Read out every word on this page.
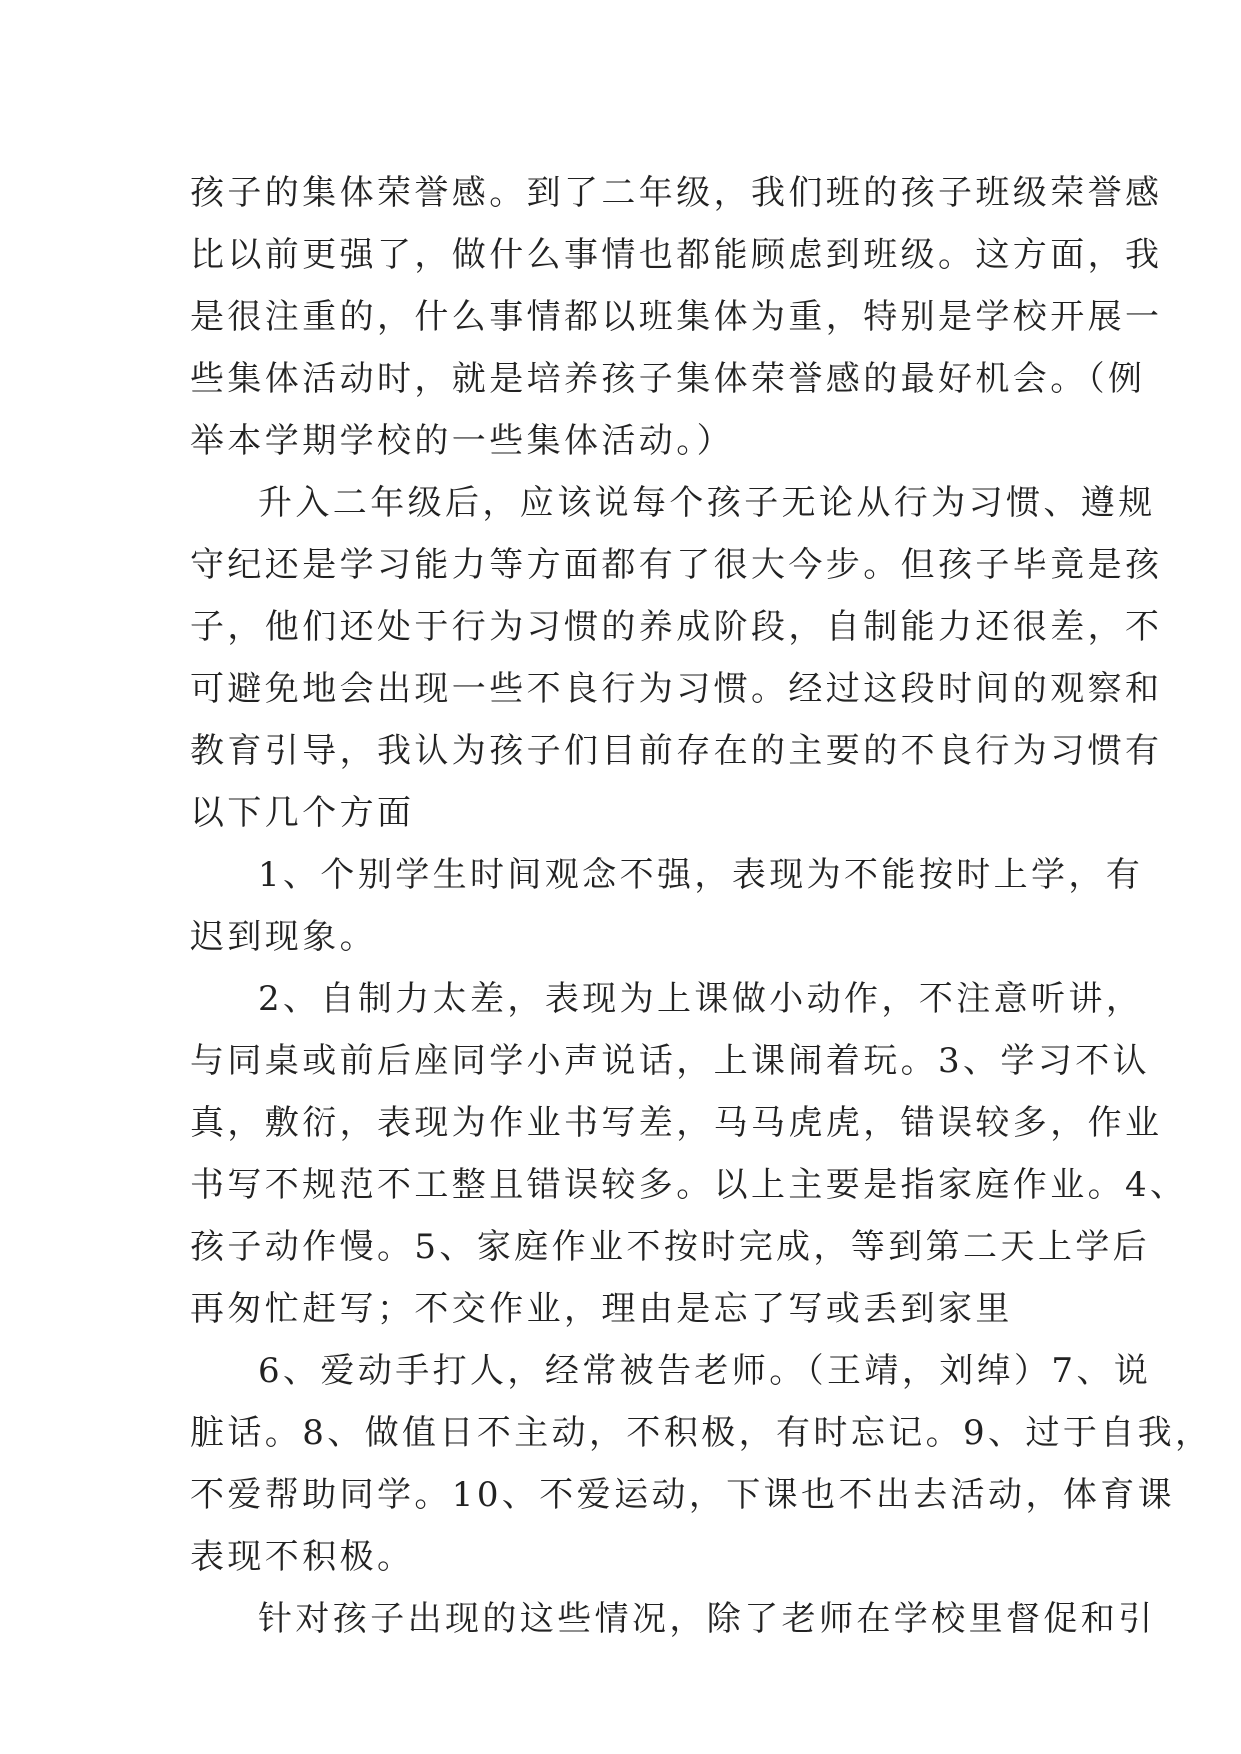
孩子的集体荣誉感。到了二年级，我们班的孩子班级荣誉感
比以前更强了，做什么事情也都能顾虑到班级。这方面，我
是很注重的，什么事情都以班集体为重，特别是学校开展一
些集体活动时，就是培养孩子集体荣誉感的最好机会。（例
举本学期学校的一些集体活动。）
升入二年级后，应该说每个孩子无论从行为习惯、遵规
守纪还是学习能力等方面都有了很大今步。但孩子毕竟是孩
子，他们还处于行为习惯的养成阶段，自制能力还很差，不
可避免地会出现一些不良行为习惯。经过这段时间的观察和
教育引导，我认为孩子们目前存在的主要的不良行为习惯有
以下几个方面
1、个别学生时间观念不强，表现为不能按时上学，有
迟到现象。
2、自制力太差，表现为上课做小动作，不注意听讲，
与同桌或前后座同学小声说话，上课闹着玩。3、学习不认
真，敷衍，表现为作业书写差，马马虎虎，错误较多，作业
书写不规范不工整且错误较多。以上主要是指家庭作业。4、
孩子动作慢。5、家庭作业不按时完成，等到第二天上学后
再匆忙赶写；不交作业，理由是忘了写或丢到家里
6、爱动手打人，经常被告老师。（王靖，刘绰）7、说
脏话。8、做值日不主动，不积极，有时忘记。9、过于自我，
不爱帮助同学。10、不爱运动，下课也不出去活动，体育课
表现不积极。
针对孩子出现的这些情况，除了老师在学校里督促和引
